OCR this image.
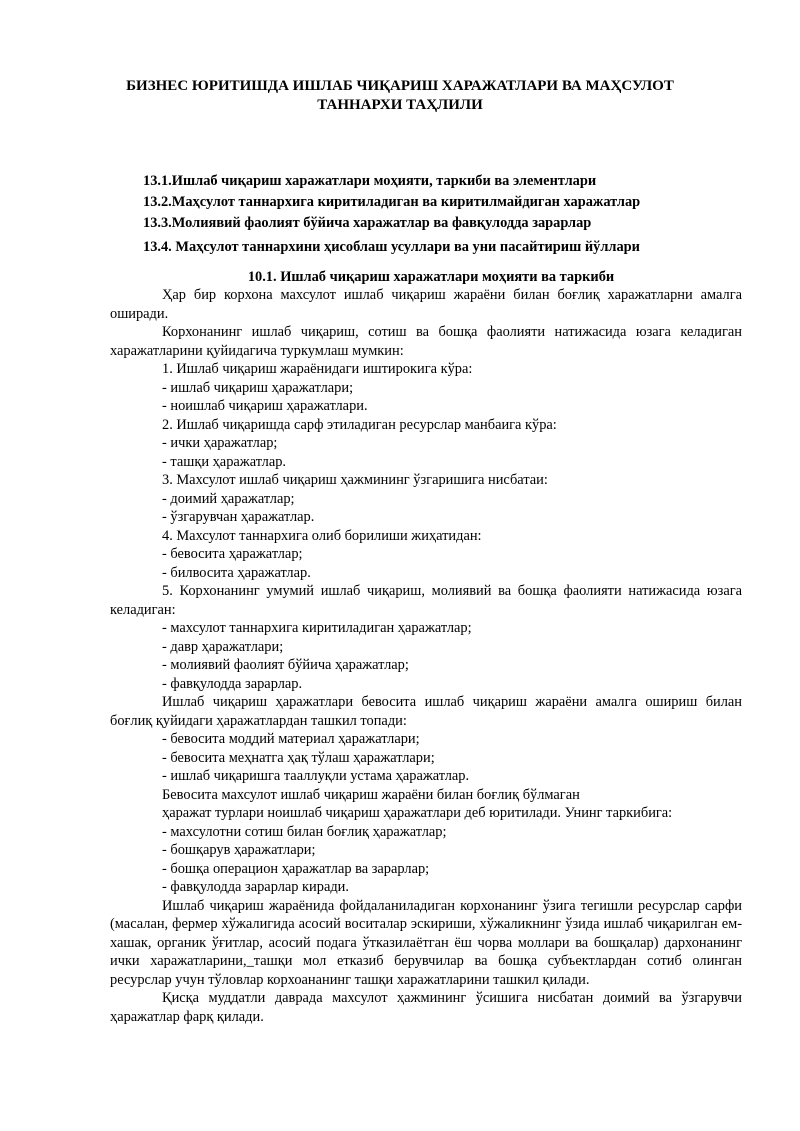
БИЗНЕС ЮРИТИШДА ИШЛАБ ЧИҚАРИШ ХАРАЖАТЛАРИ ВА МАҲСУЛОТ
ТАННАРХИ ТАҲЛИЛИ

13.1.Ишлаб чиқариш харажатлари моҳияти, таркиби ва элементлари

13.2.Маҳсулот таннархига киритиладиган ва киритилмайдиган харажатлар

13.3.Молиявий фаолият бўйича харажатлар ва фавқулодда зарарлар

13.4. Маҳсулот таннархини ҳисоблаш усуллари ва уни пасайтириш йўллари

10.1. Ишлаб чиқариш харажатлари моҳияти ва таркиби

Ҳар бир корхона махсулот ишлаб чиқариш жараёни билан боғлиқ харажатларни амалга оширади.

Корхонанинг ишлаб чиқариш, сотиш ва бошқа фаолияти натижасида юзага келадиган харажатларини қуйидагича туркумлаш мумкин:

1. Ишлаб чиқариш жараёнидаги иштирокига кўра:

- ишлаб чиқариш ҳаражатлари;

- ноишлаб чиқариш ҳаражатлари.

2. Ишлаб чиқаришда сарф этиладиган ресурслар манбаига кўра:

- ички ҳаражатлар;

- ташқи ҳаражатлар.

3. Махсулот ишлаб чиқариш ҳажмининг ўзгаришига нисбатаи:

- доимий ҳаражатлар;

- ўзгарувчан ҳаражатлар.

4. Махсулот таннархига олиб борилиши жиҳатидан:

- бевосита ҳаражатлар;

- билвосита ҳаражатлар.

5. Корхонанинг умумий ишлаб чиқариш, молиявий ва бошқа фаолияти натижасида юзага келадиган:

- махсулот таннархига киритиладиган ҳаражатлар;

- давр ҳаражатлари;

- молиявий фаолият бўйича ҳаражатлар;

- фавқулодда зарарлар.

Ишлаб чиқариш ҳаражатлари бевосита ишлаб чиқариш жараёни амалга ошириш билан боғлиқ қуйидаги ҳаражатлардан ташкил топади:

- бевосита моддий материал ҳаражатлари;

- бевосита меҳнатга ҳақ тўлаш ҳаражатлари;

- ишлаб чиқаришга тааллуқли устама ҳаражатлар.

Бевосита махсулот ишлаб чиқариш жараёни билан боғлиқ бўлмаган

ҳаражат турлари ноишлаб чиқариш ҳаражатлари деб юритилади. Унинг таркибига:

- махсулотни сотиш билан боғлиқ ҳаражатлар;

- бошқарув ҳаражатлари;

- бошқа операцион ҳаражатлар ва зарарлар;

- фавқулодда зарарлар киради.

Ишлаб чиқариш жараёнида фойдаланиладиган корхонанинг ўзига тегишли ресурслар сарфи (масалан, фермер хўжалигида асосий воситалар эскириши, хўжаликнинг ўзида ишлаб чиқарилган ем-хашак, органик ўғитлар, асосий подага ўтказилаётган ёш чорва моллари ва бошқалар) дархонанинг ички харажатларини,_ташқи мол етказиб берувчилар ва бошқа субъектлардан сотиб олинган ресурслар учун тўловлар корхоананинг ташқи харажатларини ташкил қилади.

Қисқа муддатли даврада махсулот ҳажмининг ўсишига нисбатан доимий ва ўзгарувчи ҳаражатлар фарқ қилади.
